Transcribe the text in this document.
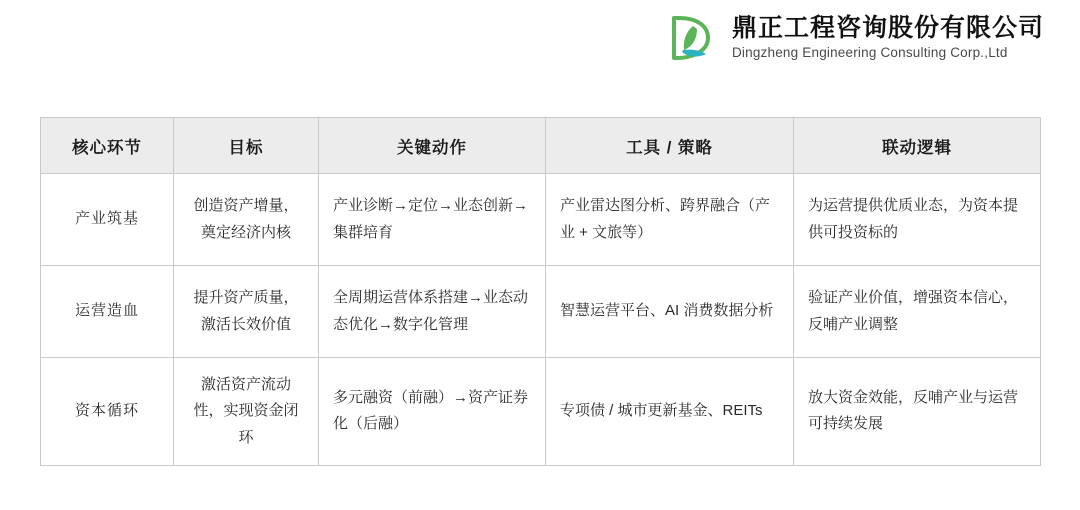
鼎正工程咨询股份有限公司
Dingzheng Engineering Consulting Corp.,Ltd
核心环节	目标	关键动作	工具 / 策略	联动逻辑
产业筑基	创造资产增量，奠定经济内核	产业诊断→定位→业态创新→集群培育	产业雷达图分析、跨界融合（产业 + 文旅等）	为运营提供优质业态，为资本提供可投资标的
运营造血	提升资产质量，激活长效价值	全周期运营体系搭建→业态动态优化→数字化管理	智慧运营平台、AI 消费数据分析	验证产业价值，增强资本信心，反哺产业调整
资本循环	激活资产流动性，实现资金闭环	多元融资（前融）→资产证券化（后融）	专项债 / 城市更新基金、REITs	放大资金效能，反哺产业与运营可持续发展
